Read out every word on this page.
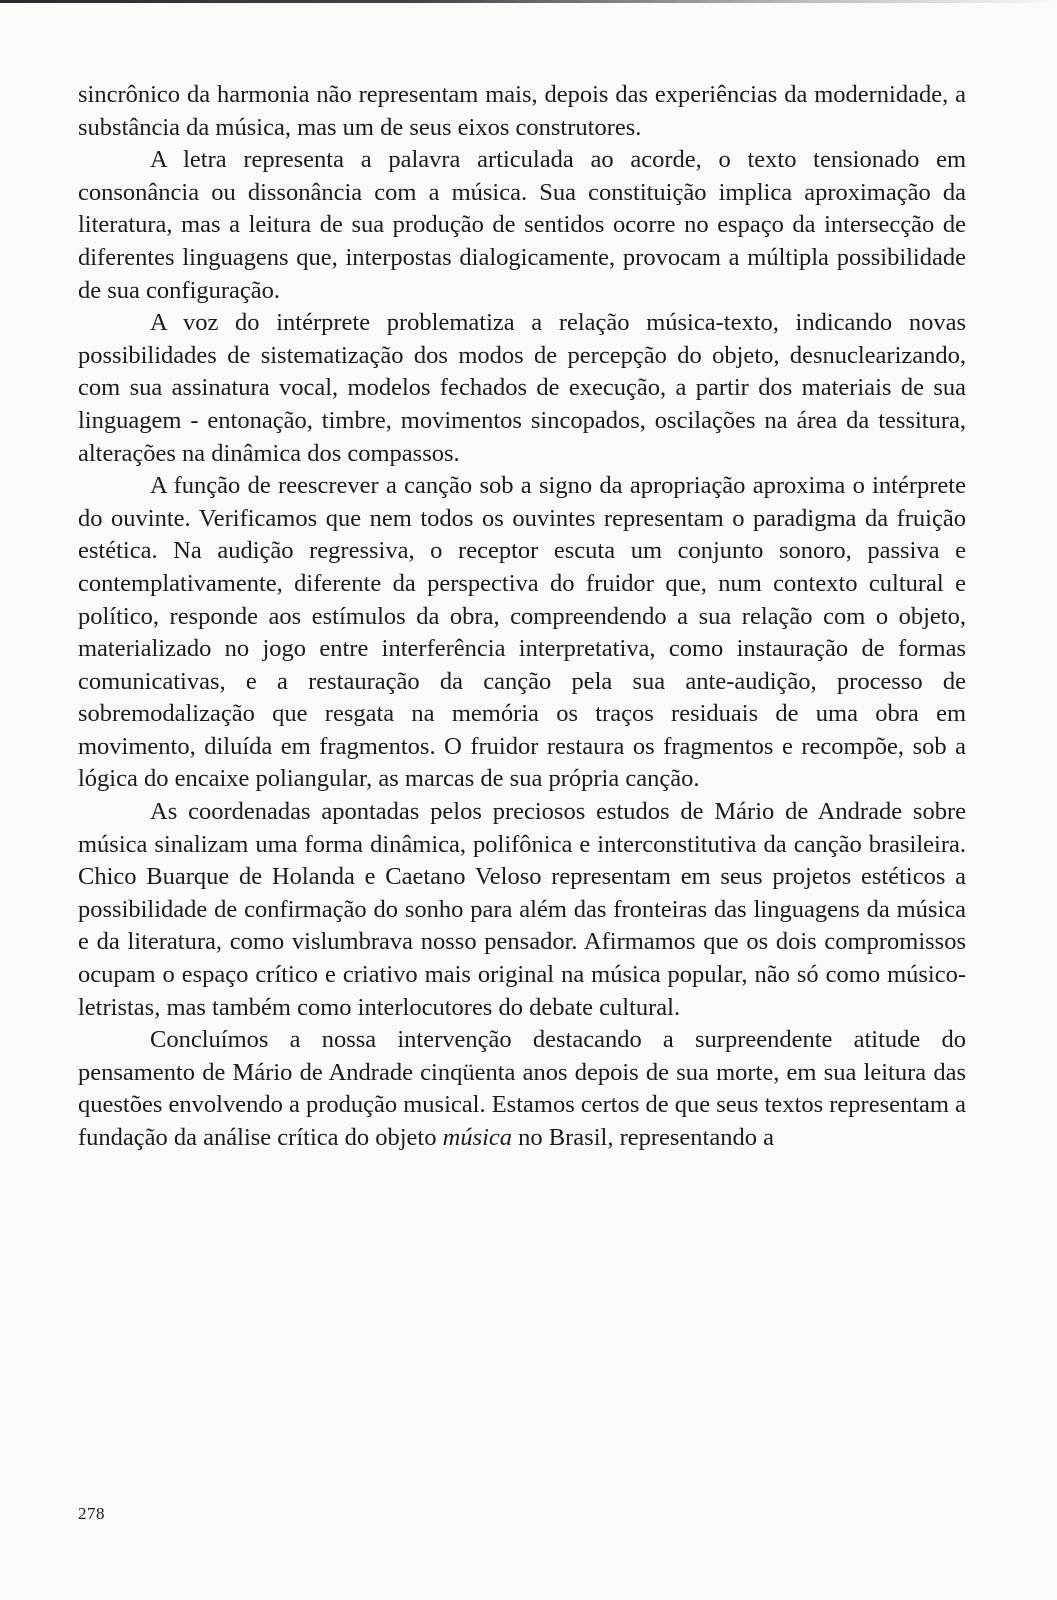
sincrônico da harmonia não representam mais, depois das experiências da modernidade, a substância da música, mas um de seus eixos construtores.

A letra representa a palavra articulada ao acorde, o texto tensionado em consonância ou dissonância com a música. Sua constituição implica aproximação da literatura, mas a leitura de sua produção de sentidos ocorre no espaço da intersecção de diferentes linguagens que, interpostas dialogicamente, provocam a múltipla possibilidade de sua configuração.

A voz do intérprete problematiza a relação música-texto, indicando novas possibilidades de sistematização dos modos de percepção do objeto, desnuclearizando, com sua assinatura vocal, modelos fechados de execução, a partir dos materiais de sua linguagem - entonação, timbre, movimentos sincopados, oscilações na área da tessitura, alterações na dinâmica dos compassos.

A função de reescrever a canção sob a signo da apropriação aproxima o intérprete do ouvinte. Verificamos que nem todos os ouvintes representam o paradigma da fruição estética. Na audição regressiva, o receptor escuta um conjunto sonoro, passiva e contemplativamente, diferente da perspectiva do fruidor que, num contexto cultural e político, responde aos estímulos da obra, compreendendo a sua relação com o objeto, materializado no jogo entre interferência interpretativa, como instauração de formas comunicativas, e a restauração da canção pela sua ante-audição, processo de sobremodalização que resgata na memória os traços residuais de uma obra em movimento, diluída em fragmentos. O fruidor restaura os fragmentos e recompõe, sob a lógica do encaixe poliangular, as marcas de sua própria canção.

As coordenadas apontadas pelos preciosos estudos de Mário de Andrade sobre música sinalizam uma forma dinâmica, polifônica e interconstitutiva da canção brasileira. Chico Buarque de Holanda e Caetano Veloso representam em seus projetos estéticos a possibilidade de confirmação do sonho para além das fronteiras das linguagens da música e da literatura, como vislumbrava nosso pensador. Afirmamos que os dois compromissos ocupam o espaço crítico e criativo mais original na música popular, não só como músico-letristas, mas também como interlocutores do debate cultural.

Concluímos a nossa intervenção destacando a surpreendente atitude do pensamento de Mário de Andrade cinqüenta anos depois de sua morte, em sua leitura das questões envolvendo a produção musical. Estamos certos de que seus textos representam a fundação da análise crítica do objeto música no Brasil, representando a

278
